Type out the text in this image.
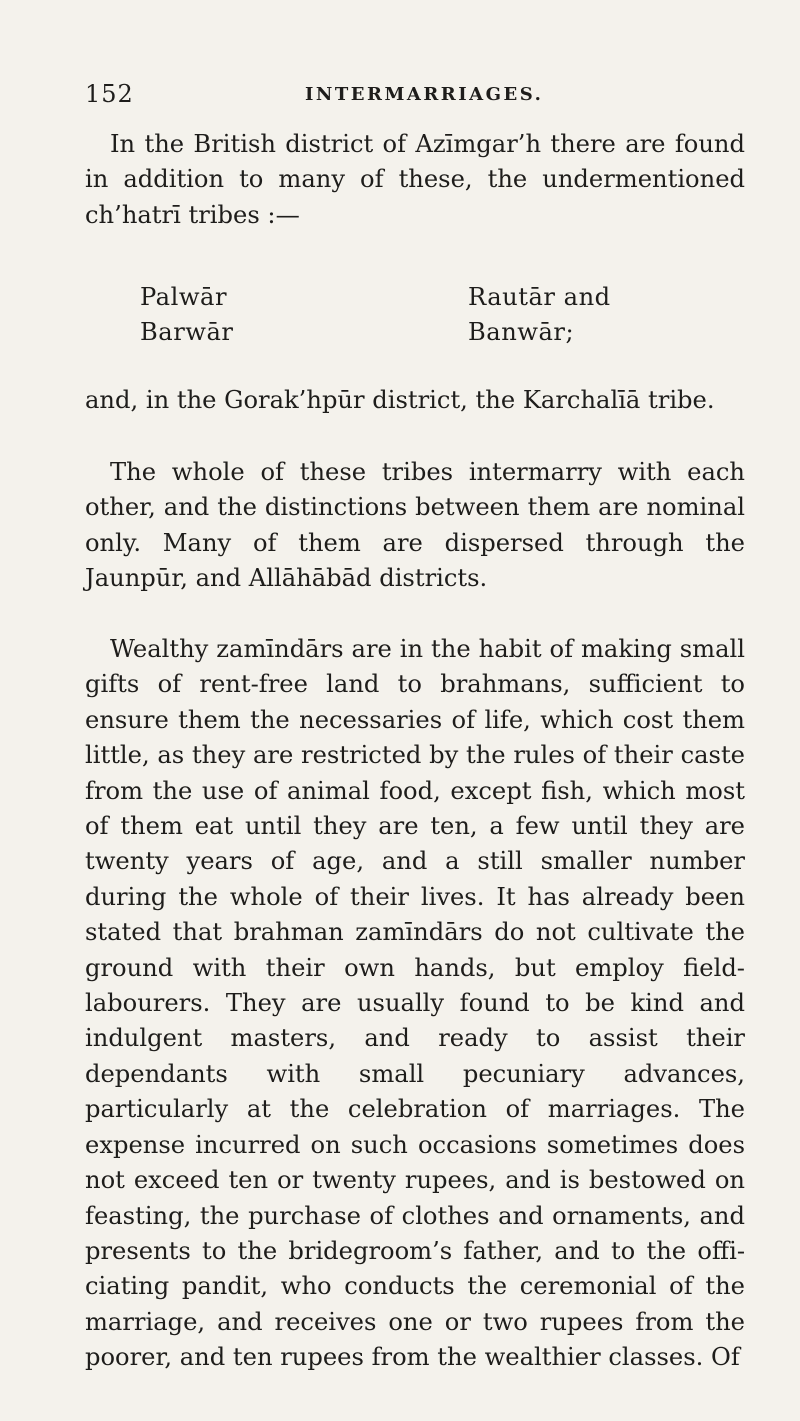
152	INTERMARRIAGES.

In the British district of Azīmgar’h there are found in addition to many of these, the undermentioned ch’hatrī tribes :—

Palwār	Rautār and

Barwār	Banwār;

and, in the Gorak’hpūr district, the Karchalīā tribe.

The whole of these tribes intermarry with each other, and the distinctions between them are nominal only. Many of them are dispersed through the Jaunpūr, and Allāhābād districts.

Wealthy zamīndārs are in the habit of making small gifts of rent-free land to brahmans, sufficient to ensure them the necessaries of life, which cost them little, as they are restricted by the rules of their caste from the use of animal food, except fish, which most of them eat until they are ten, a few until they are twenty years of age, and a still smaller number during the whole of their lives. It has already been stated that brahman zamīndārs do not cultivate the ground with their own hands, but employ field-labourers. They are usually found to be kind and indulgent masters, and ready to assist their dependants with small pecuniary advances, particularly at the celebration of marriages. The expense incurred on such occasions sometimes does not exceed ten or twenty rupees, and is bestowed on feasting, the purchase of clothes and ornaments, and presents to the bridegroom’s father, and to the officiating pandit, who conducts the ceremonial of the marriage, and receives one or two rupees from the poorer, and ten rupees from the wealthier classes. Of
